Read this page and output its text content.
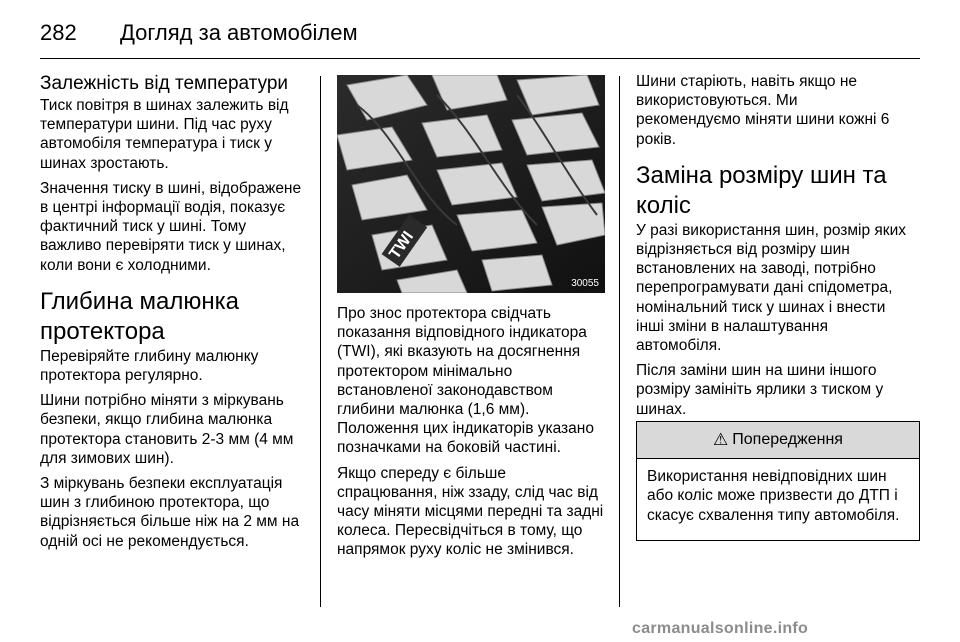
282 Догляд за автомобілем
Залежність від температури

Тиск повітря в шинах залежить від температури шини. Під час руху автомобіля температура і тиск у шинах зростають.

Значення тиску в шині, відображене в центрі інформації водія, показує фактичний тиск у шині. Тому важливо перевіряти тиск у шинах, коли вони є холодними.

Глибина малюнка протектора

Перевіряйте глибину малюнку протектора регулярно.

Шини потрібно міняти з міркувань безпеки, якщо глибина малюнка протектора становить 2-3 мм (4 мм для зимових шин).

З міркувань безпеки експлуатація шин з глибиною протектора, що відрізняється більше ніж на 2 мм на одній осі не рекомендується.

TWI
30055

Про знос протектора свідчать показання відповідного індикатора (TWI), які вказують на досягнення протектором мінімально встановленої законодавством глибини малюнка (1,6 мм).

Положення цих індикаторів указано позначками на боковій частині.

Якщо спереду є більше спрацювання, ніж ззаду, слід час від часу міняти місцями передні та задні колеса. Пересвідчіться в тому, що напрямок руху коліс не змінився.

Шини старіють, навіть якщо не використовуються. Ми рекомендуємо міняти шини кожні 6 років.

Заміна розміру шин та коліс

У разі використання шин, розмір яких відрізняється від розміру шин встановлених на заводі, потрібно перепрограмувати дані спідометра, номінальний тиск у шинах і внести інші зміни в налаштування автомобіля.

Після заміни шин на шини іншого розміру замініть ярлики з тиском у шинах.

⚠ Попередження
Використання невідповідних шин або коліс може призвести до ДТП і скасує схвалення типу автомобіля.
carmanualsonline.info
